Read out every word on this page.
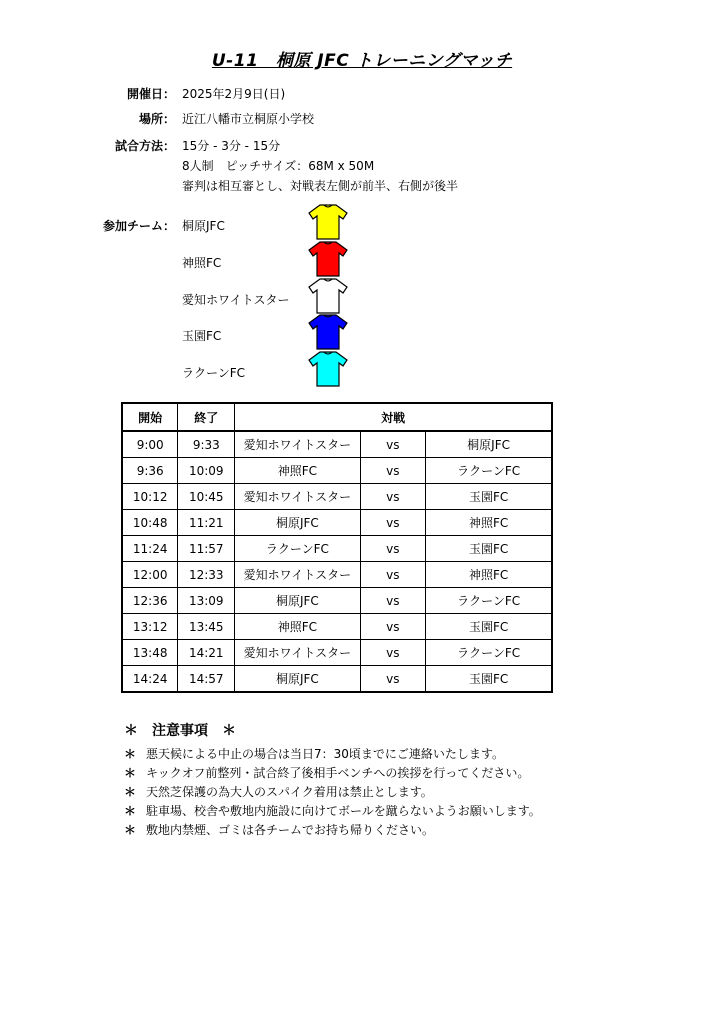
U-11　桐原 JFC トレーニングマッチ
開催日： 2025年2月9日(日)
場所： 近江八幡市立桐原小学校
試合方法： 15分 - 3分 - 15分
8人制　ピッチサイズ：68M x 50M
審判は相互審とし、対戦表左側が前半、右側が後半
参加チーム： 桐原JFC
神照FC
愛知ホワイトスター
玉園FC
ラクーンFC
開始	終了	対戦		
9:00	9:33	愛知ホワイトスター	vs	桐原JFC
9:36	10:09	神照FC	vs	ラクーンFC
10:12	10:45	愛知ホワイトスター	vs	玉園FC
10:48	11:21	桐原JFC	vs	神照FC
11:24	11:57	ラクーンFC	vs	玉園FC
12:00	12:33	愛知ホワイトスター	vs	神照FC
12:36	13:09	桐原JFC	vs	ラクーンFC
13:12	13:45	神照FC	vs	玉園FC
13:48	14:21	愛知ホワイトスター	vs	ラクーンFC
14:24	14:57	桐原JFC	vs	玉園FC
＊　注意事項　＊
＊ 悪天候による中止の場合は当日7：30頃までにご連絡いたします。
＊ キックオフ前整列・試合終了後相手ベンチへの挨拶を行ってください。
＊ 天然芝保護の為大人のスパイク着用は禁止とします。
＊ 駐車場、校舎や敷地内施設に向けてボールを蹴らないようお願いします。
＊ 敷地内禁煙、ゴミは各チームでお持ち帰りください。
